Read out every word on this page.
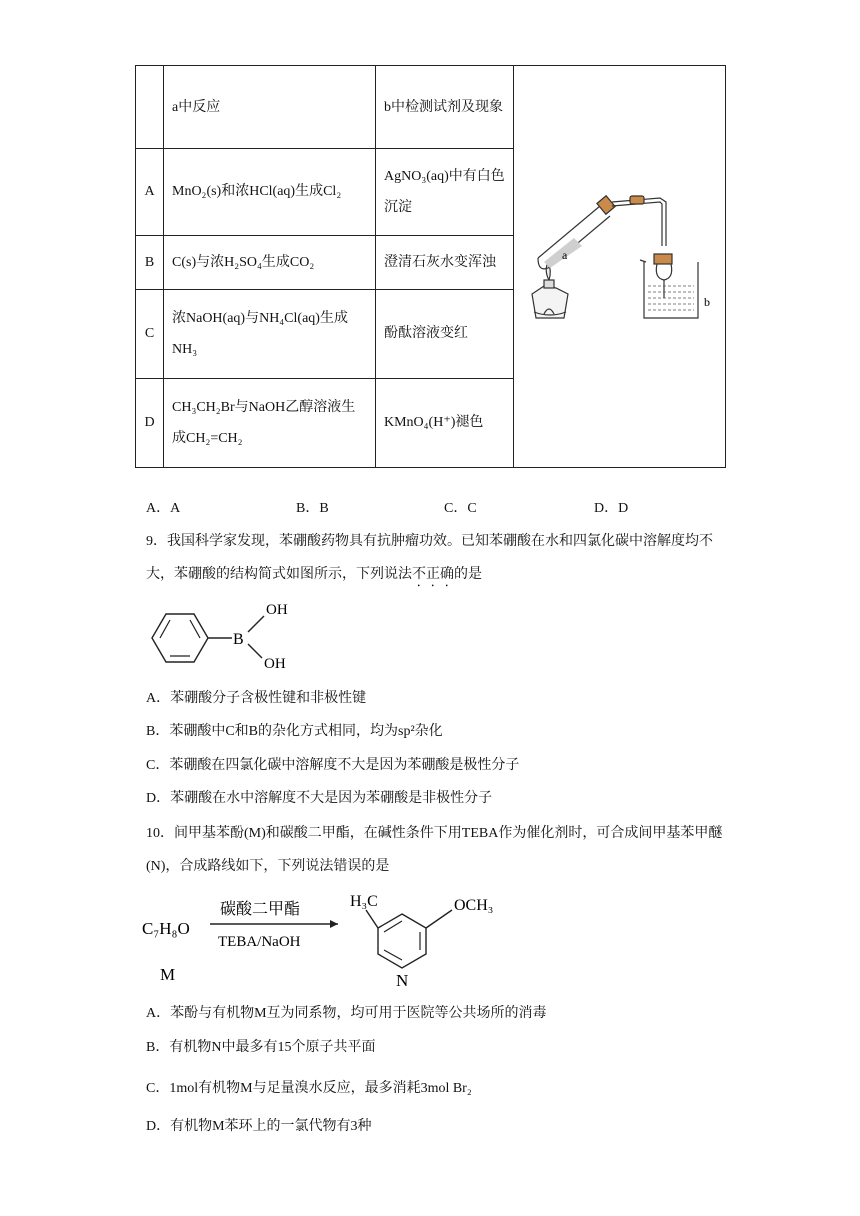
	a中反应	b中检测试剂及现象	a
b

A	MnO₂(s)和浓HCl(aq)生成Cl₂	AgNO₃(aq)中有白色沉淀	
B	C(s)与浓H₂SO₄生成CO₂	澄清石灰水变浑浊	
C	浓NaOH(aq)与NH₄Cl(aq)生成NH₃	酚酞溶液变红	
D	CH₃CH₂Br与NaOH乙醇溶液生成CH₂=CH₂	KMnO₄(H⁺)褪色	
A．A	B．B	C．C	D．D
9．我国科学家发现，苯硼酸药物具有抗肿瘤功效。已知苯硼酸在水和四氯化碳中溶解度均不大，苯硼酸的结构简式如图所示，下列说法不正确的是
B
OH
OH
A．苯硼酸分子含极性键和非极性键
B．苯硼酸中C和B的杂化方式相同，均为sp²杂化
C．苯硼酸在四氯化碳中溶解度不大是因为苯硼酸是极性分子
D．苯硼酸在水中溶解度不大是因为苯硼酸是非极性分子
10．间甲基苯酚(M)和碳酸二甲酯，在碱性条件下用TEBA作为催化剂时，可合成间甲基苯甲醚(N)，合成路线如下，下列说法错误的是
C₇H₈O
碳酸二甲酯
TEBA/NaOH
M
H₃C	OCH₃
N
A．苯酚与有机物M互为同系物，均可用于医院等公共场所的消毒
B．有机物N中最多有15个原子共平面
C．1mol有机物M与足量溴水反应，最多消耗3mol Br₂
D．有机物M苯环上的一氯代物有3种
